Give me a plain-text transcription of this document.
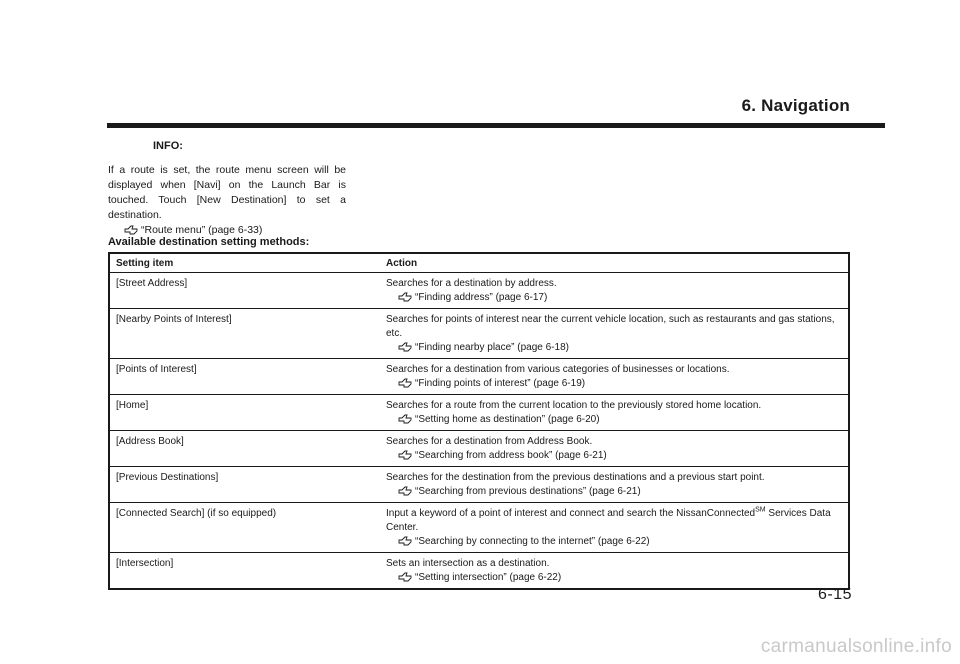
6. Navigation
INFO:
If a route is set, the route menu screen will be displayed when [Navi] on the Launch Bar is touched. Touch [New Destination] to set a destination.
“Route menu” (page 6-33)
Available destination setting methods:
Setting item	Action
[Street Address]	Searches for a destination by address.
“Finding address” (page 6-17)

[Nearby Points of Interest]	Searches for points of interest near the current vehicle location, such as restaurants and gas stations, etc.
“Finding nearby place” (page 6-18)

[Points of Interest]	Searches for a destination from various categories of businesses or locations.
“Finding points of interest” (page 6-19)

[Home]	Searches for a route from the current location to the previously stored home location.
“Setting home as destination” (page 6-20)

[Address Book]	Searches for a destination from Address Book.
“Searching from address book” (page 6-21)

[Previous Destinations]	Searches for the destination from the previous destinations and a previous start point.
“Searching from previous destinations” (page 6-21)

[Connected Search] (if so equipped)	Input a keyword of a point of interest and connect and search the NissanConnected℠ Services Data Center.
“Searching by connecting to the internet” (page 6-22)

[Intersection]	Sets an intersection as a destination.
“Setting intersection” (page 6-22)
6-15
carmanualsonline.info
